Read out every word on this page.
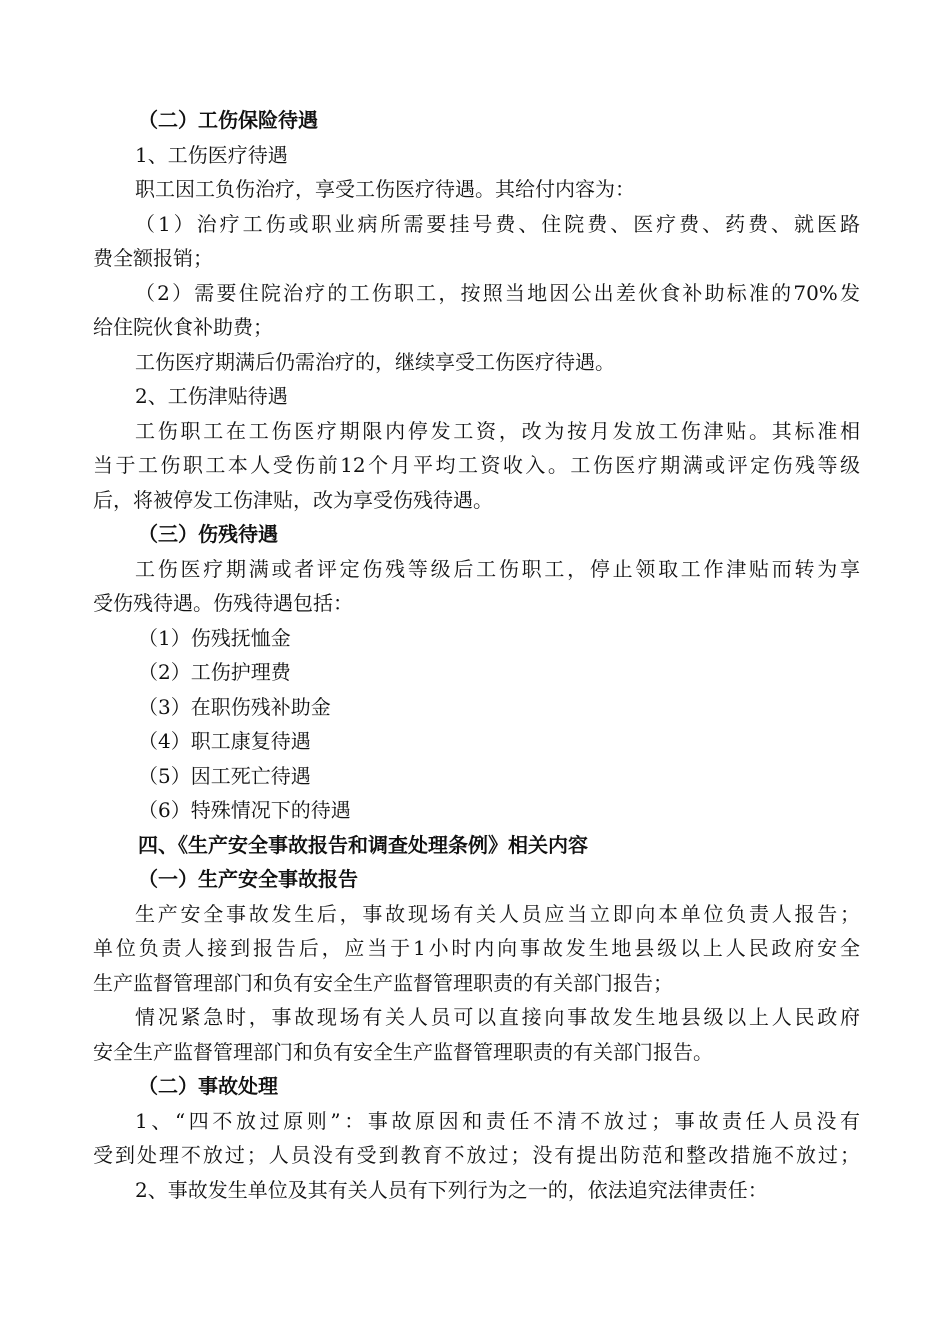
（二）工伤保险待遇
1、工伤医疗待遇
职工因工负伤治疗，享受工伤医疗待遇。其给付内容为：
（1）治疗工伤或职业病所需要挂号费、住院费、医疗费、药费、就医路
费全额报销；
（2）需要住院治疗的工伤职工，按照当地因公出差伙食补助标准的70%发
给住院伙食补助费；
工伤医疗期满后仍需治疗的，继续享受工伤医疗待遇。
2、工伤津贴待遇
工伤职工在工伤医疗期限内停发工资，改为按月发放工伤津贴。其标准相
当于工伤职工本人受伤前12个月平均工资收入。工伤医疗期满或评定伤残等级
后，将被停发工伤津贴，改为享受伤残待遇。
（三）伤残待遇
工伤医疗期满或者评定伤残等级后工伤职工，停止领取工作津贴而转为享
受伤残待遇。伤残待遇包括：
（1）伤残抚恤金
（2）工伤护理费
（3）在职伤残补助金
（4）职工康复待遇
（5）因工死亡待遇
（6）特殊情况下的待遇
四、《生产安全事故报告和调查处理条例》相关内容
（一）生产安全事故报告
生产安全事故发生后，事故现场有关人员应当立即向本单位负责人报告；
单位负责人接到报告后，应当于1小时内向事故发生地县级以上人民政府安全
生产监督管理部门和负有安全生产监督管理职责的有关部门报告；
情况紧急时，事故现场有关人员可以直接向事故发生地县级以上人民政府
安全生产监督管理部门和负有安全生产监督管理职责的有关部门报告。
（二）事故处理
1、“四不放过原则”：事故原因和责任不清不放过；事故责任人员没有
受到处理不放过；人员没有受到教育不放过；没有提出防范和整改措施不放过；
2、事故发生单位及其有关人员有下列行为之一的，依法追究法律责任：
